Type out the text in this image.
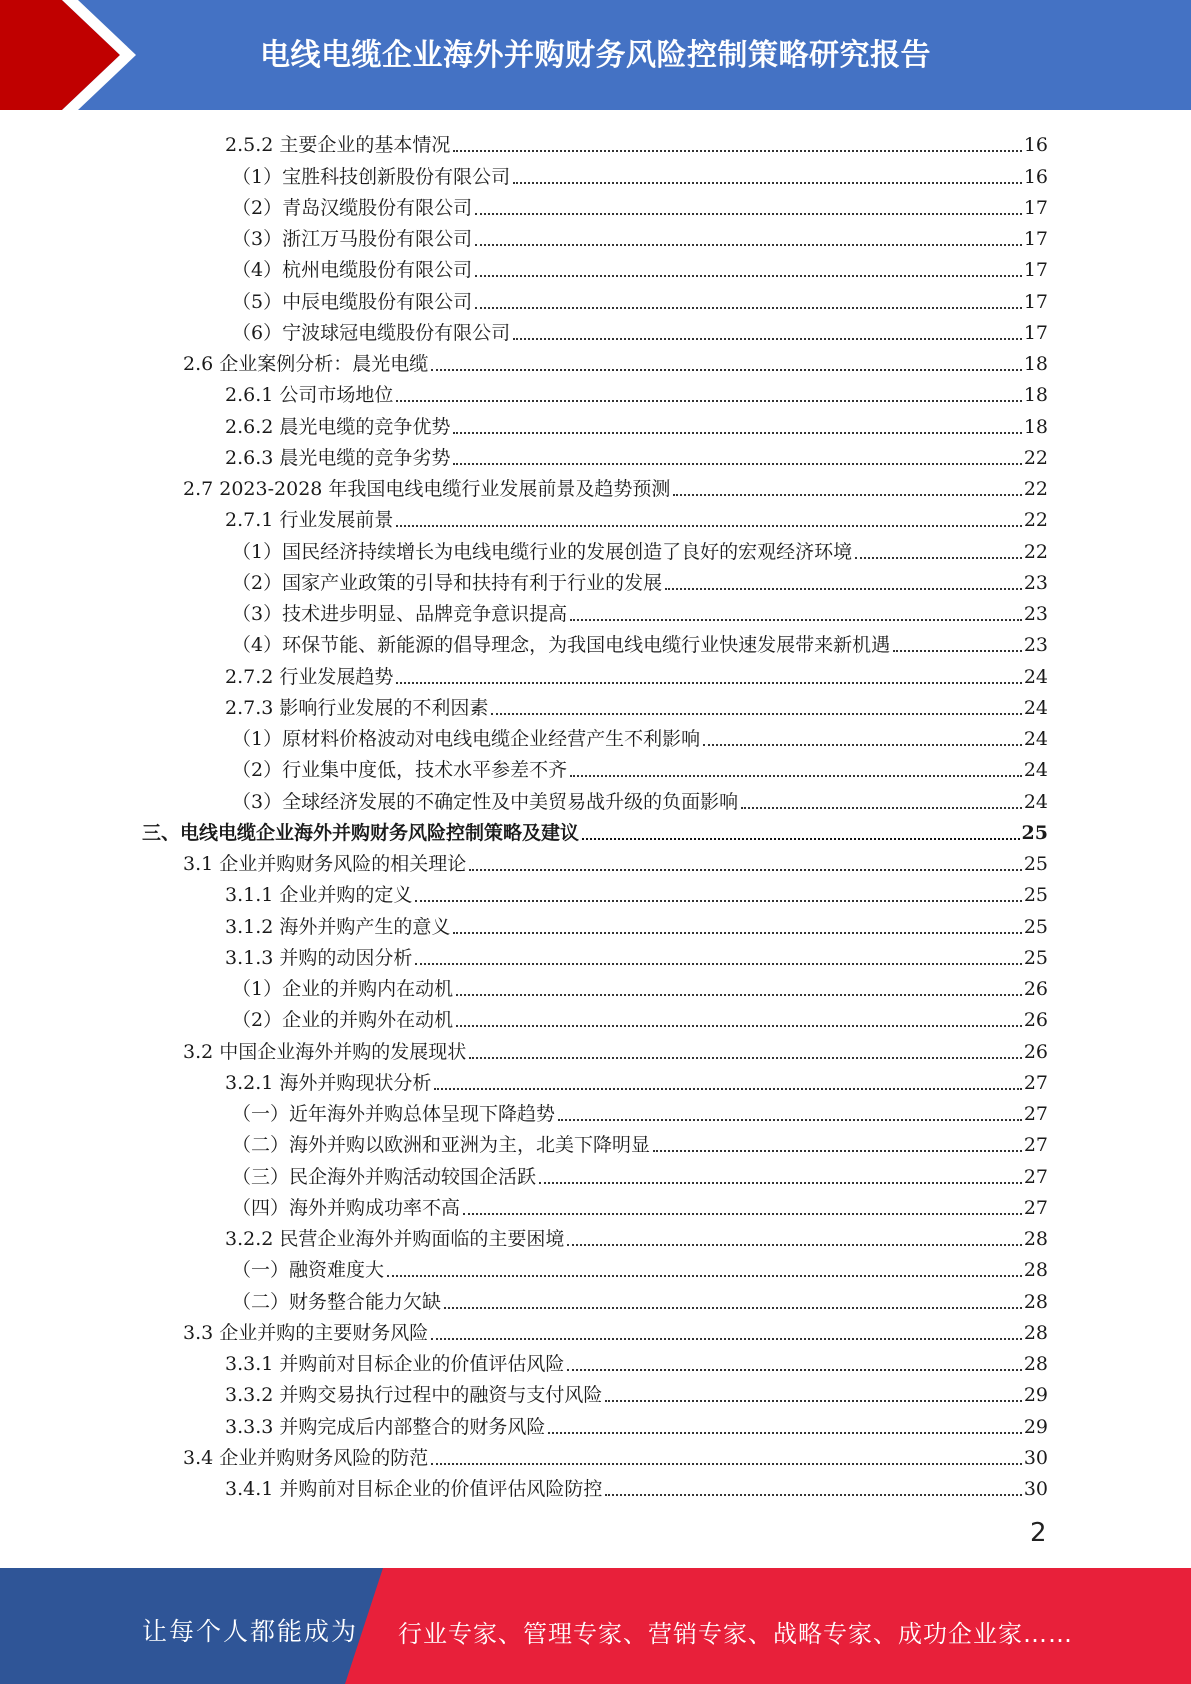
电线电缆企业海外并购财务风险控制策略研究报告
2.5.2 主要企业的基本情况	16
（1）宝胜科技创新股份有限公司	16
（2）青岛汉缆股份有限公司	17
（3）浙江万马股份有限公司	17
（4）杭州电缆股份有限公司	17
（5）中辰电缆股份有限公司	17
（6）宁波球冠电缆股份有限公司	17
2.6 企业案例分析：晨光电缆	18
2.6.1 公司市场地位	18
2.6.2 晨光电缆的竞争优势	18
2.6.3 晨光电缆的竞争劣势	22
2.7 2023-2028 年我国电线电缆行业发展前景及趋势预测	22
2.7.1 行业发展前景	22
（1）国民经济持续增长为电线电缆行业的发展创造了良好的宏观经济环境	22
（2）国家产业政策的引导和扶持有利于行业的发展	23
（3）技术进步明显、品牌竞争意识提高	23
（4）环保节能、新能源的倡导理念，为我国电线电缆行业快速发展带来新机遇	23
2.7.2 行业发展趋势	24
2.7.3 影响行业发展的不利因素	24
（1）原材料价格波动对电线电缆企业经营产生不利影响	24
（2）行业集中度低，技术水平参差不齐	24
（3）全球经济发展的不确定性及中美贸易战升级的负面影响	24
三、电线电缆企业海外并购财务风险控制策略及建议	25
3.1 企业并购财务风险的相关理论	25
3.1.1 企业并购的定义	25
3.1.2 海外并购产生的意义	25
3.1.3 并购的动因分析	25
（1）企业的并购内在动机	26
（2）企业的并购外在动机	26
3.2 中国企业海外并购的发展现状	26
3.2.1 海外并购现状分析	27
（一）近年海外并购总体呈现下降趋势	27
（二）海外并购以欧洲和亚洲为主，北美下降明显	27
（三）民企海外并购活动较国企活跃	27
（四）海外并购成功率不高	27
3.2.2 民营企业海外并购面临的主要困境	28
（一）融资难度大	28
（二）财务整合能力欠缺	28
3.3 企业并购的主要财务风险	28
3.3.1 并购前对目标企业的价值评估风险	28
3.3.2 并购交易执行过程中的融资与支付风险	29
3.3.3 并购完成后内部整合的财务风险	29
3.4 企业并购财务风险的防范	30
3.4.1 并购前对目标企业的价值评估风险防控	30
2
让每个人都能成为 行业专家、管理专家、营销专家、战略专家、成功企业家……
